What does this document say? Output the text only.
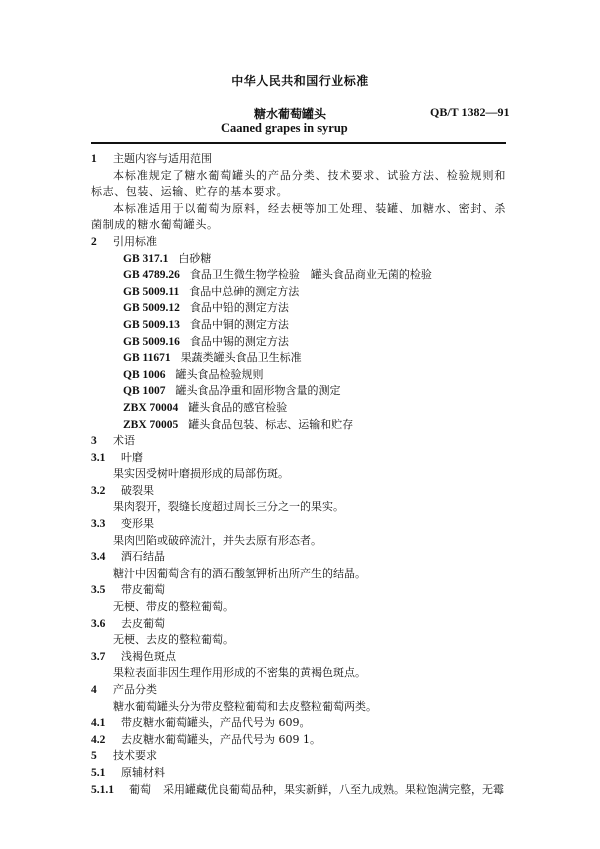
中华人民共和国行业标准
糖水葡萄罐头	QB/T 1382—91
Caaned grapes in syrup
1 主题内容与适用范围
本标准规定了糖水葡萄罐头的产品分类、技术要求、试验方法、检验规则和标志、包装、运输、贮存的基本要求。
本标准适用于以葡萄为原料，经去梗等加工处理、装罐、加糖水、密封、杀菌制成的糖水葡萄罐头。
2 引用标准
GB 317.1 白砂糖
GB 4789.26 食品卫生微生物学检验　罐头食品商业无菌的检验
GB 5009.11 食品中总砷的测定方法
GB 5009.12 食品中铅的测定方法
GB 5009.13 食品中铜的测定方法
GB 5009.16 食品中锡的测定方法
GB 11671 果蔬类罐头食品卫生标准
QB 1006 罐头食品检验规则
QB 1007 罐头食品净重和固形物含量的测定
ZBX 70004 罐头食品的感官检验
ZBX 70005 罐头食品包装、标志、运输和贮存
3 术语
3.1 叶磨
果实因受树叶磨损形成的局部伤斑。
3.2 破裂果
果肉裂开，裂缝长度超过周长三分之一的果实。
3.3 变形果
果肉凹陷或破碎流汁，并失去原有形态者。
3.4 酒石结晶
糖汁中因葡萄含有的酒石酸氢钾析出所产生的结晶。
3.5 带皮葡萄
无梗、带皮的整粒葡萄。
3.6 去皮葡萄
无梗、去皮的整粒葡萄。
3.7 浅褐色斑点
果粒表面非因生理作用形成的不密集的黄褐色斑点。
4 产品分类
糖水葡萄罐头分为带皮整粒葡萄和去皮整粒葡萄两类。
4.1 带皮糖水葡萄罐头，产品代号为 609。
4.2 去皮糖水葡萄罐头，产品代号为 609 1。
5 技术要求
5.1 原辅材料
5.1.1 葡萄 采用罐藏优良葡萄品种，果实新鲜，八至九成熟。果粒饱满完整，无霉
